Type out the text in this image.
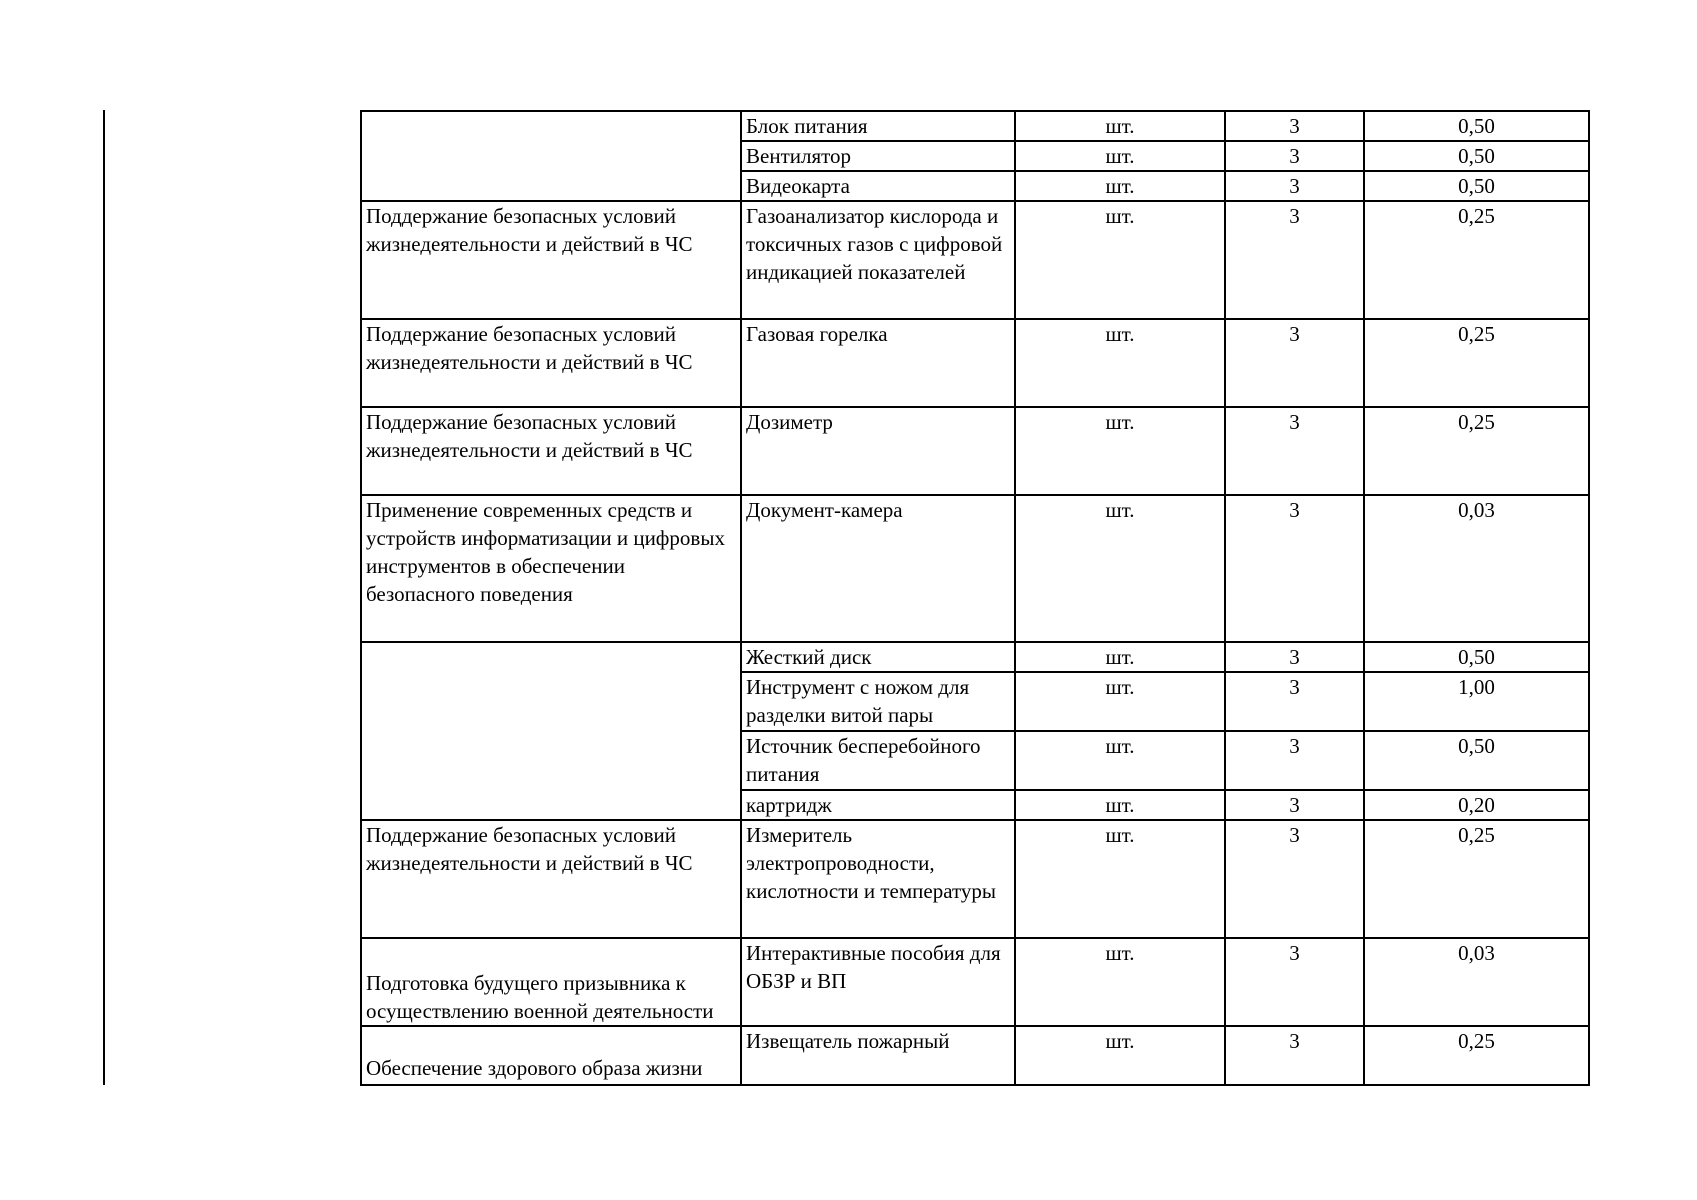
	Блок питания	шт.	3	0,50

	Вентилятор	шт.	3	0,50

	Видеокарта	шт.	3	0,50

Поддержание безопасных условий жизнедеятельности и действий в ЧС	Газоанализатор кислорода и токсичных газов с цифровой индикацией показателей	шт.	3	0,25

Поддержание безопасных условий жизнедеятельности и действий в ЧС	Газовая горелка	шт.	3	0,25

Поддержание безопасных условий жизнедеятельности и действий в ЧС	Дозиметр	шт.	3	0,25

Применение современных средств и устройств информатизации и цифровых инструментов в обеспечении безопасного поведения	Документ-камера	шт.	3	0,03

	Жесткий диск	шт.	3	0,50

	Инструмент с ножом для разделки витой пары	шт.	3	1,00

	Источник бесперебойного питания	шт.	3	0,50

	картридж	шт.	3	0,20

Поддержание безопасных условий жизнедеятельности и действий в ЧС	Измеритель электропроводности, кислотности и температуры	шт.	3	0,25

Подготовка будущего призывника к осуществлению военной деятельности	Интерактивные пособия для ОБЗР и ВП	шт.	3	0,03

Обеспечение здорового образа жизни	Извещатель пожарный	шт.	3	0,25
